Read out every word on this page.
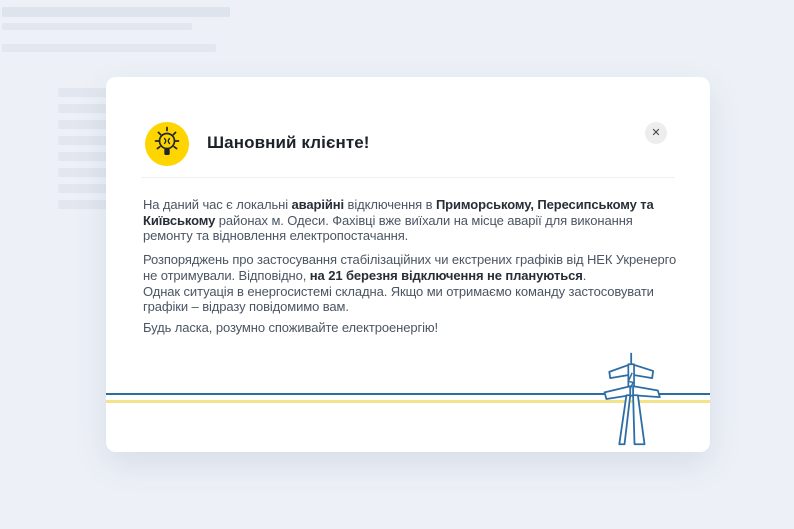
Шановний клієнте!
✕

На даний час є локальні аварійні відключення в Приморському, Пересипському та Київському районах м. Одеси. Фахівці вже виїхали на місце аварії для виконання ремонту та відновлення електропостачання.

Розпоряджень про застосування стабілізаційних чи екстрених графіків від НЕК Укренерго не отримували. Відповідно, на 21 березня відключення не плануються.

Однак ситуація в енергосистемі складна. Якщо ми отримаємо команду застосовувати графіки – відразу повідомимо вам.

Будь ласка, розумно споживайте електроенергію!
